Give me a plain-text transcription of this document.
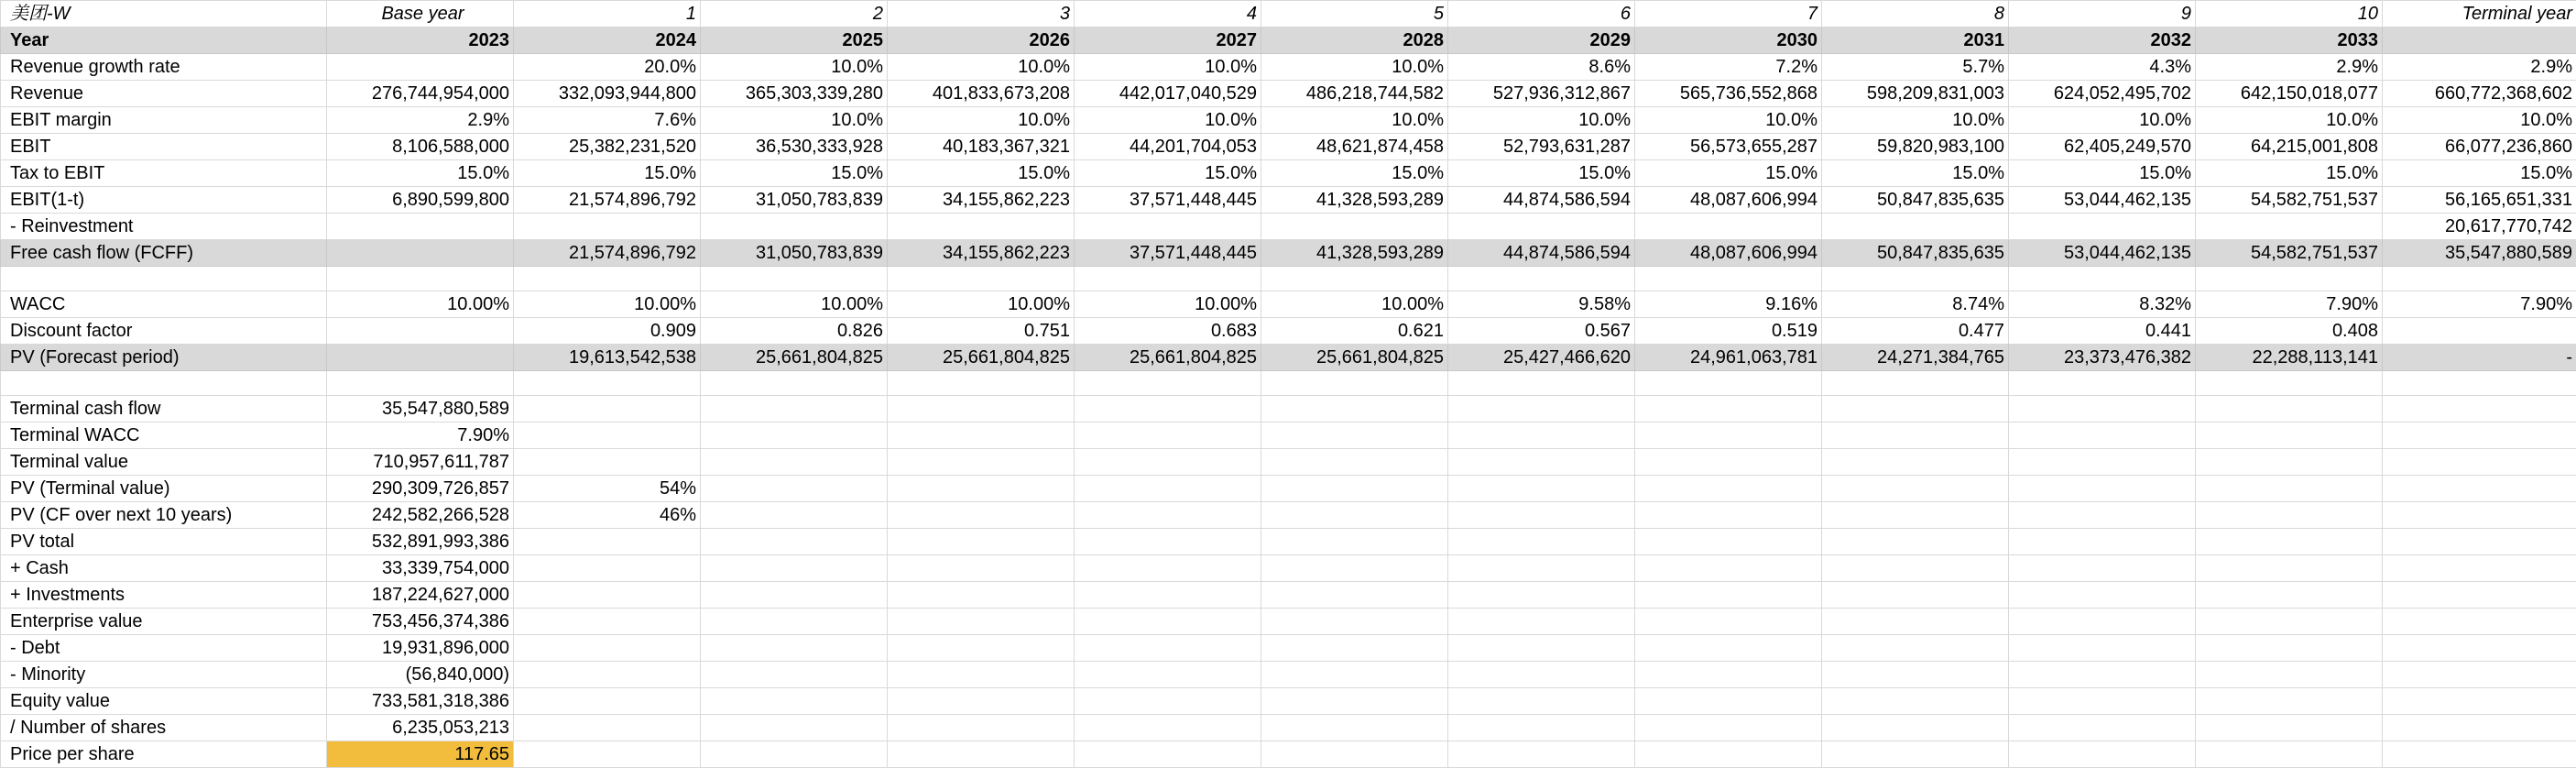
美团-W	Base year	1	2	3	4	5	6	7	8	9	10	Terminal year
Year	2023	2024	2025	2026	2027	2028	2029	2030	2031	2032	2033	
Revenue growth rate		20.0%	10.0%	10.0%	10.0%	10.0%	8.6%	7.2%	5.7%	4.3%	2.9%	2.9%
Revenue	276,744,954,000	332,093,944,800	365,303,339,280	401,833,673,208	442,017,040,529	486,218,744,582	527,936,312,867	565,736,552,868	598,209,831,003	624,052,495,702	642,150,018,077	660,772,368,602
EBIT margin	2.9%	7.6%	10.0%	10.0%	10.0%	10.0%	10.0%	10.0%	10.0%	10.0%	10.0%	10.0%
EBIT	8,106,588,000	25,382,231,520	36,530,333,928	40,183,367,321	44,201,704,053	48,621,874,458	52,793,631,287	56,573,655,287	59,820,983,100	62,405,249,570	64,215,001,808	66,077,236,860
Tax to EBIT	15.0%	15.0%	15.0%	15.0%	15.0%	15.0%	15.0%	15.0%	15.0%	15.0%	15.0%	15.0%
EBIT(1-t)	6,890,599,800	21,574,896,792	31,050,783,839	34,155,862,223	37,571,448,445	41,328,593,289	44,874,586,594	48,087,606,994	50,847,835,635	53,044,462,135	54,582,751,537	56,165,651,331
- Reinvestment												20,617,770,742
Free cash flow (FCFF)		21,574,896,792	31,050,783,839	34,155,862,223	37,571,448,445	41,328,593,289	44,874,586,594	48,087,606,994	50,847,835,635	53,044,462,135	54,582,751,537	35,547,880,589

WACC	10.00%	10.00%	10.00%	10.00%	10.00%	10.00%	9.58%	9.16%	8.74%	8.32%	7.90%	7.90%
Discount factor		0.909	0.826	0.751	0.683	0.621	0.567	0.519	0.477	0.441	0.408	
PV (Forecast period)		19,613,542,538	25,661,804,825	25,661,804,825	25,661,804,825	25,661,804,825	25,427,466,620	24,961,063,781	24,271,384,765	23,373,476,382	22,288,113,141	-

Terminal cash flow	35,547,880,589											
Terminal WACC	7.90%											
Terminal value	710,957,611,787											
PV (Terminal value)	290,309,726,857	54%										
PV (CF over next 10 years)	242,582,266,528	46%										
PV total	532,891,993,386											
+ Cash	33,339,754,000											
+ Investments	187,224,627,000											
Enterprise value	753,456,374,386											
- Debt	19,931,896,000											
- Minority	(56,840,000)											
Equity value	733,581,318,386											
/ Number of shares	6,235,053,213											
Price per share	117.65											
